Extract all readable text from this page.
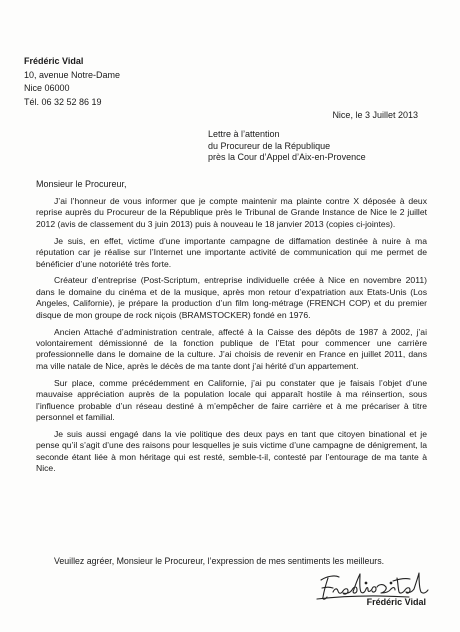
Frédéric Vidal
10, avenue Notre-Dame
Nice 06000
Tél. 06 32 52 86 19
Nice, le 3 Juillet 2013
Lettre à l’attention
du Procureur de la République
près la Cour d’Appel d’Aix-en-Provence
Monsieur le Procureur,

J’ai l’honneur de vous informer que je compte maintenir ma plainte contre X déposée à deux reprise auprès du Procureur de la République près le Tribunal de Grande Instance de Nice le 2 juillet 2012 (avis de classement du 3 juin 2013) puis à nouveau le 18 janvier 2013 (copies ci-jointes).

Je suis, en effet, victime d’une importante campagne de diffamation destinée à nuire à ma réputation car je réalise sur l’Internet une importante activité de communication qui me permet de bénéficier d’une notoriété très forte.

Créateur d’entreprise (Post-Scriptum, entreprise individuelle créée à Nice en novembre 2011) dans le domaine du cinéma et de la musique, après mon retour d’expatriation aux Etats-Unis (Los Angeles, Californie), je prépare la production d’un film long-métrage (FRENCH COP) et du premier disque de mon groupe de rock niçois (BRAMSTOCKER) fondé en 1976.

Ancien Attaché d’administration centrale, affecté à la Caisse des dépôts de 1987 à 2002, j’ai volontairement démissionné de la fonction publique de l’Etat pour commencer une carrière professionnelle dans le domaine de la culture. J’ai choisis de revenir en France en juillet 2011, dans ma ville natale de Nice, après le décès de ma tante dont j’ai hérité d’un appartement.

Sur place, comme précédemment en Californie, j’ai pu constater que je faisais l’objet d’une mauvaise appréciation auprès de la population locale qui apparaît hostile à ma réinsertion, sous l’influence probable d’un réseau destiné à m’empêcher de faire carrière et à me précariser à titre personnel et familial.

Je suis aussi engagé dans la vie politique des deux pays en tant que citoyen binational et je pense qu’il s’agit d’une des raisons pour lesquelles je suis victime d’une campagne de dénigrement, la seconde étant liée à mon héritage qui est resté, semble-t-il, contesté par l’entourage de ma tante à Nice.

Veuillez agréer, Monsieur le Procureur, l’expression de mes sentiments les meilleurs.
Frédéric Vidal
